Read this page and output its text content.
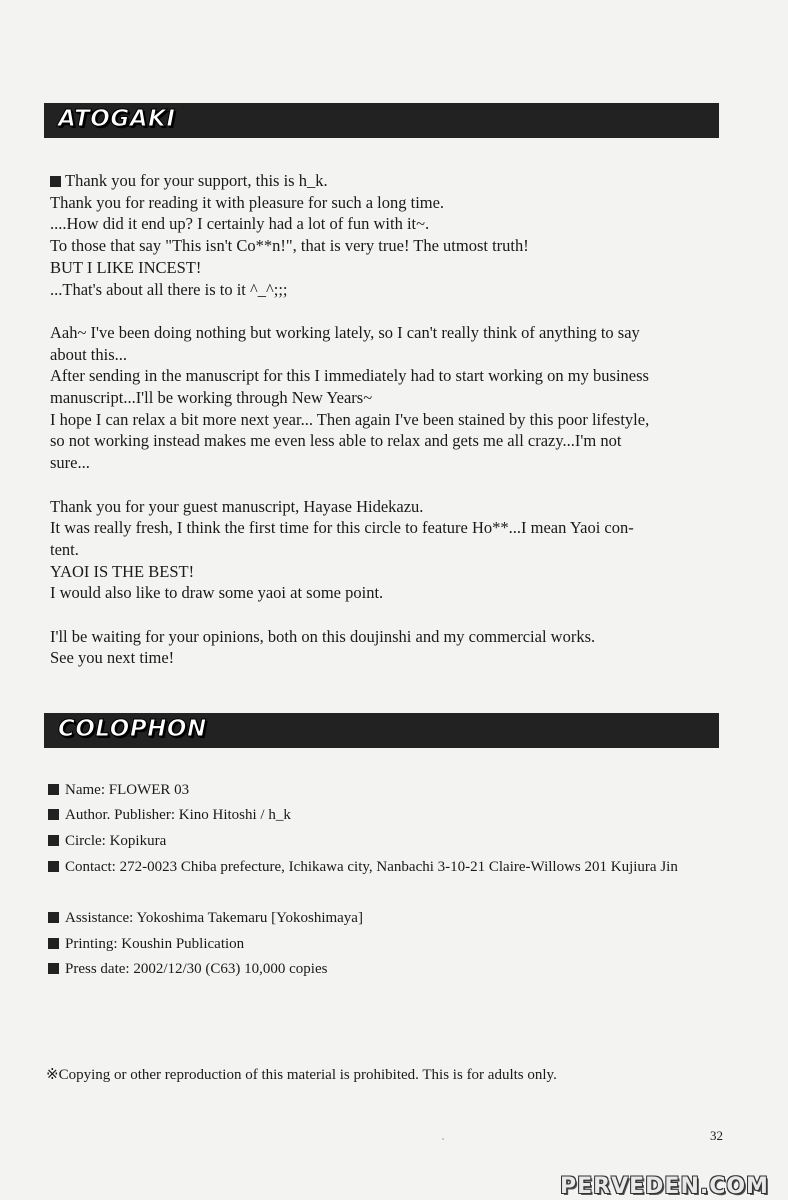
ATOGAKI
Thank you for your support, this is h_k.
Thank you for reading it with pleasure for such a long time.
....How did it end up? I certainly had a lot of fun with it~.
To those that say "This isn't Co**n!", that is very true! The utmost truth!
BUT I LIKE INCEST!
...That's about all there is to it ^_^;;;
Aah~ I've been doing nothing but working lately, so I can't really think of anything to say
about this...
After sending in the manuscript for this I immediately had to start working on my business
manuscript...I'll be working through New Years~
I hope I can relax a bit more next year... Then again I've been stained by this poor lifestyle,
so not working instead makes me even less able to relax and gets me all crazy...I'm not
sure...
Thank you for your guest manuscript, Hayase Hidekazu.
It was really fresh, I think the first time for this circle to feature Ho**...I mean Yaoi con-
tent.
YAOI IS THE BEST!
I would also like to draw some yaoi at some point.
I'll be waiting for your opinions, both on this doujinshi and my commercial works.
See you next time!
COLOPHON
Name: FLOWER 03
Author. Publisher: Kino Hitoshi / h_k
Circle: Kopikura
Contact: 272-0023 Chiba prefecture, Ichikawa city, Nanbachi 3-10-21 Claire-Willows 201 Kujiura Jin
Assistance: Yokoshima Takemaru [Yokoshimaya]
Printing: Koushin Publication
Press date: 2002/12/30 (C63) 10,000 copies
※Copying or other reproduction of this material is prohibited. This is for adults only.
32
PERVEDEN.COM
